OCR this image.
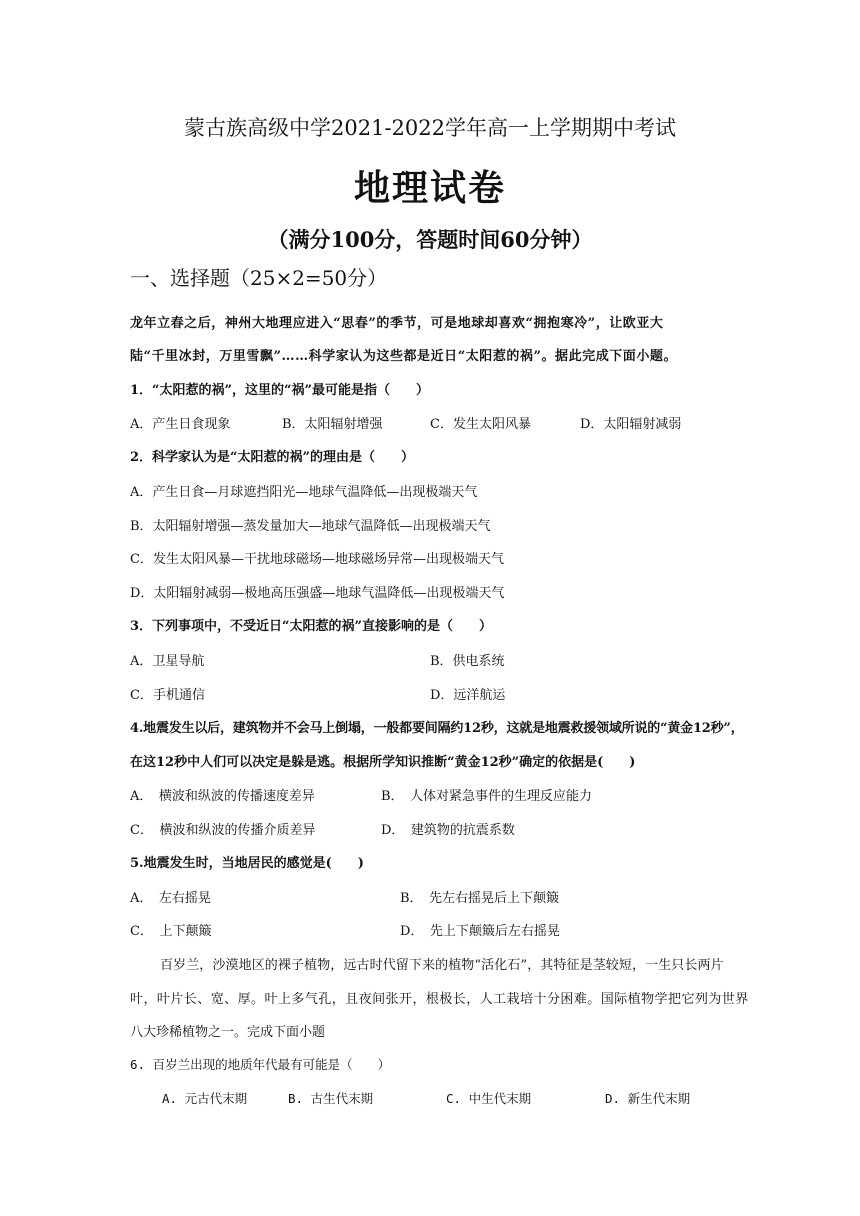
蒙古族高级中学2021-2022学年高一上学期期中考试
地理试卷
（满分100分，答题时间60分钟）
一、选择题（25×2=50分）
龙年立春之后，神州大地理应进入“思春”的季节，可是地球却喜欢“拥抱寒冷”，让欧亚大
陆“千里冰封，万里雪飘”……科学家认为这些都是近日“太阳惹的祸”。据此完成下面小题。
1．“太阳惹的祸”，这里的“祸”最可能是指（　　）
A．产生日食现象	B．太阳辐射增强	C．发生太阳风暴	D．太阳辐射减弱
2．科学家认为是“太阳惹的祸”的理由是（　　）
A．产生日食—月球遮挡阳光—地球气温降低—出现极端天气
B．太阳辐射增强—蒸发量加大—地球气温降低—出现极端天气
C．发生太阳风暴—干扰地球磁场—地球磁场异常—出现极端天气
D．太阳辐射减弱—极地高压强盛—地球气温降低—出现极端天气
3．下列事项中，不受近日“太阳惹的祸”直接影响的是（　　）
A．卫星导航	B．供电系统
C．手机通信	D．远洋航运
4.地震发生以后，建筑物并不会马上倒塌，一般都要间隔约12秒，这就是地震救援领域所说的“黄金12秒”，
在这12秒中人们可以决定是躲是逃。根据所学知识推断“黄金12秒”确定的依据是(　　)
A．　横波和纵波的传播速度差异	B．　人体对紧急事件的生理反应能力
C．　横波和纵波的传播介质差异	D．　建筑物的抗震系数
5.地震发生时，当地居民的感觉是(　　)
A．　左右摇晃	B．　先左右摇晃后上下颠簸
C．　上下颠簸	D．　先上下颠簸后左右摇晃
百岁兰，沙漠地区的裸子植物，远古时代留下来的植物“活化石”，其特征是茎较短，一生只长两片
叶，叶片长、宽、厚。叶上多气孔，且夜间张开，根极长，人工栽培十分困难。国际植物学把它列为世界
八大珍稀植物之一。完成下面小题
6. 百岁兰出现的地质年代最有可能是（　　）
A. 元古代末期	B. 古生代末期	C. 中生代末期	D. 新生代末期
